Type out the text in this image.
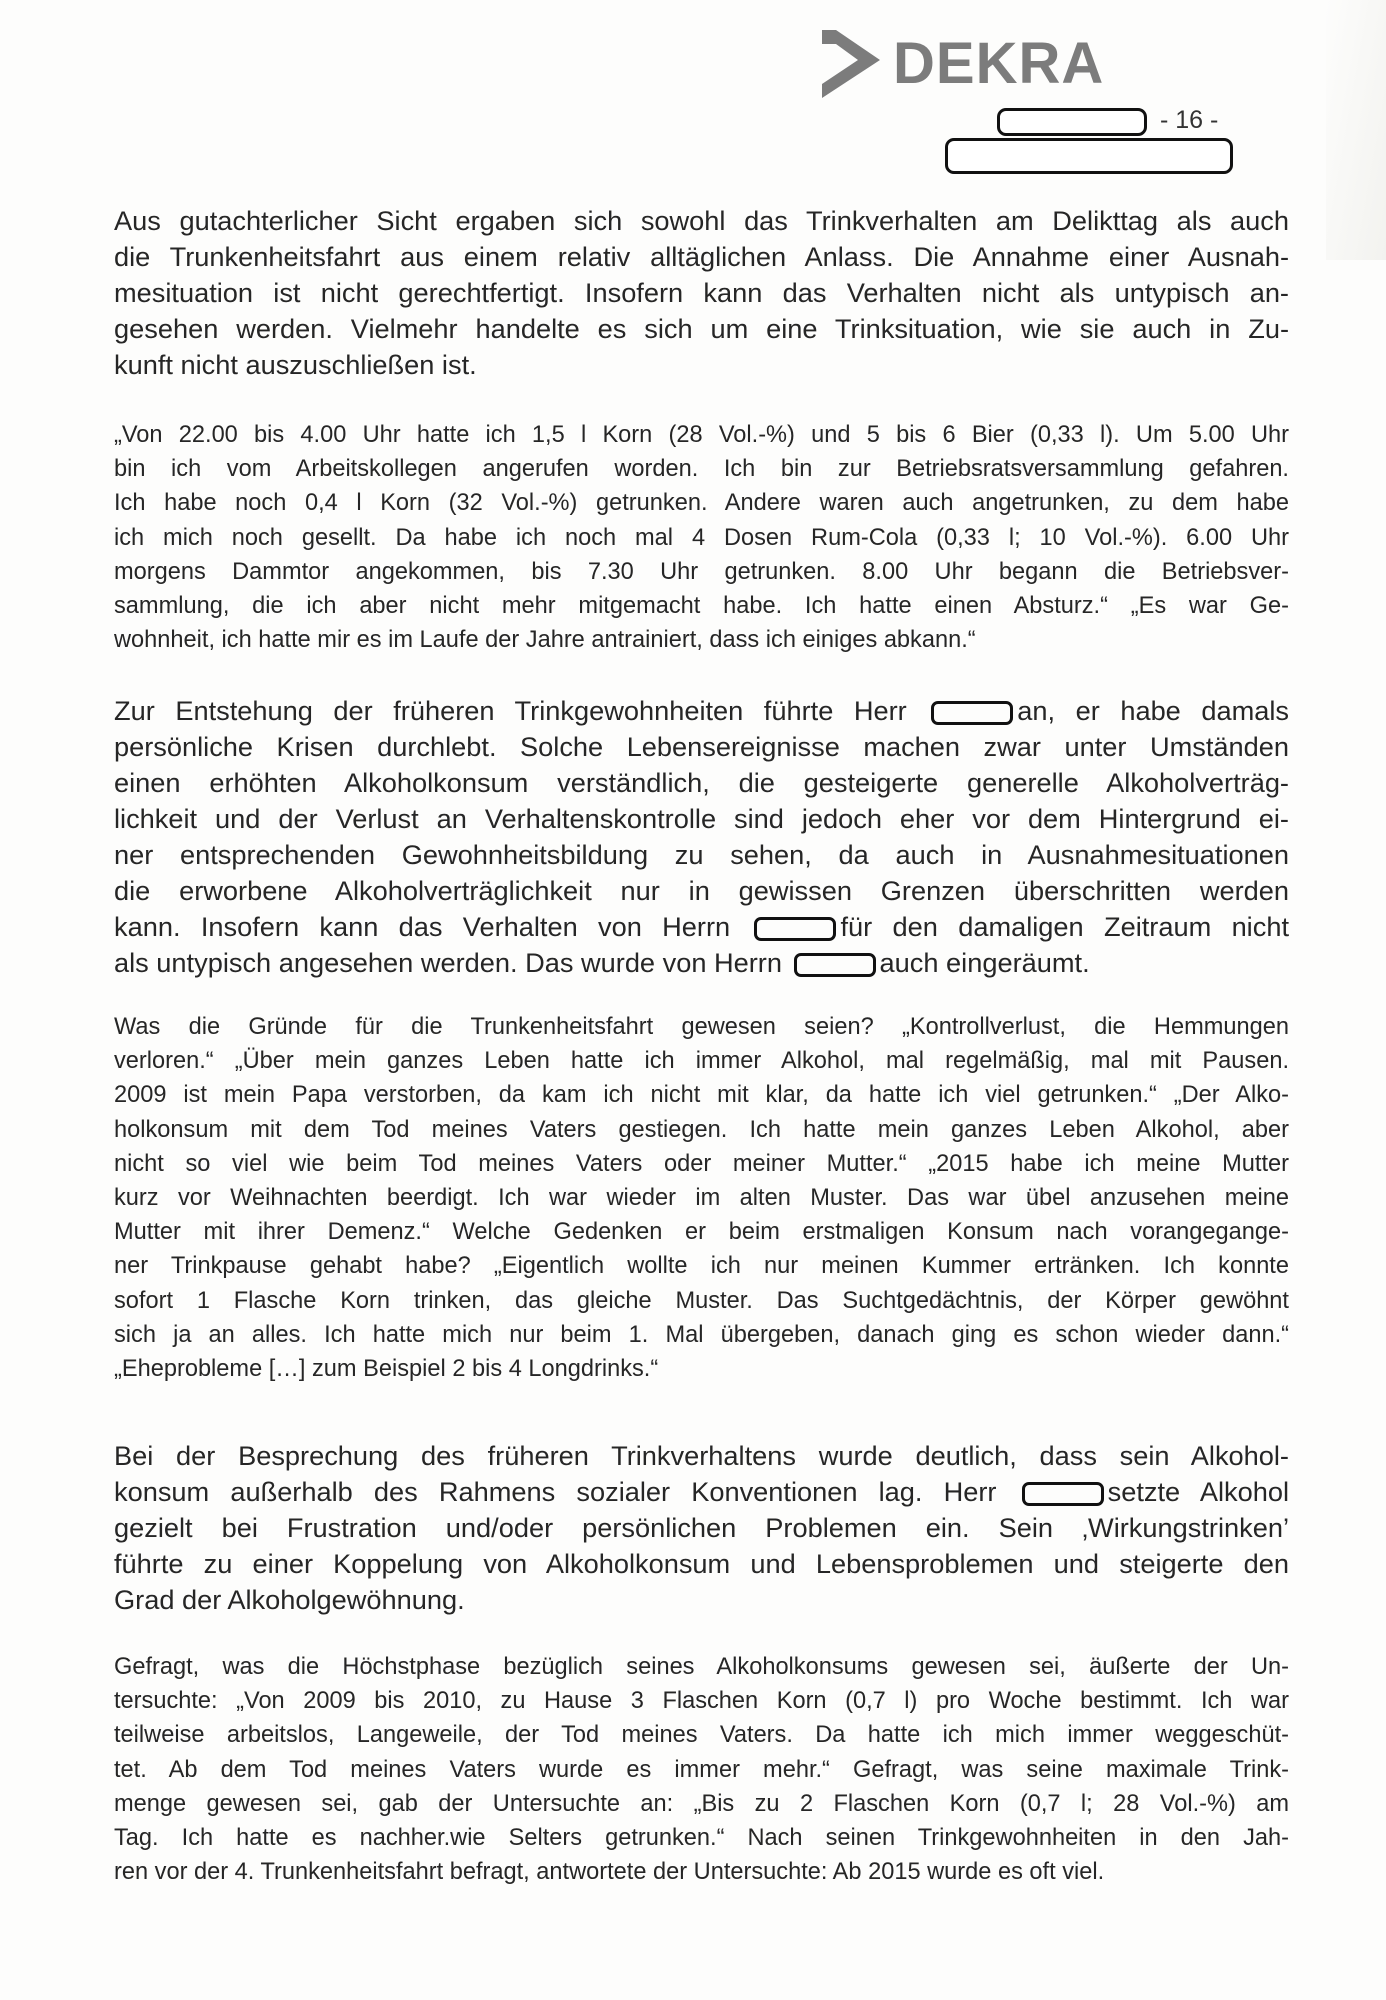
DEKRA
- 16 -
Aus gutachterlicher Sicht ergaben sich sowohl das Trinkverhalten am Delikttag als auch
die Trunkenheitsfahrt aus einem relativ alltäglichen Anlass. Die Annahme einer Ausnah-
mesituation ist nicht gerechtfertigt. Insofern kann das Verhalten nicht als untypisch an-
gesehen werden. Vielmehr handelte es sich um eine Trinksituation, wie sie auch in Zu-
kunft nicht auszuschließen ist.
„Von 22.00 bis 4.00 Uhr hatte ich 1,5 l Korn (28 Vol.-%) und 5 bis 6 Bier (0,33 l). Um 5.00 Uhr
bin ich vom Arbeitskollegen angerufen worden. Ich bin zur Betriebsratsversammlung gefahren.
Ich habe noch 0,4 l Korn (32 Vol.-%) getrunken. Andere waren auch angetrunken, zu dem habe
ich mich noch gesellt. Da habe ich noch mal 4 Dosen Rum-Cola (0,33 l; 10 Vol.-%). 6.00 Uhr
morgens Dammtor angekommen, bis 7.30 Uhr getrunken. 8.00 Uhr begann die Betriebsver-
sammlung, die ich aber nicht mehr mitgemacht habe. Ich hatte einen Absturz.“ „Es war Ge-
wohnheit, ich hatte mir es im Laufe der Jahre antrainiert, dass ich einiges abkann.“
Zur Entstehung der früheren Trinkgewohnheiten führte Herr	an, er habe damals
persönliche Krisen durchlebt. Solche Lebensereignisse machen zwar unter Umständen
einen erhöhten Alkoholkonsum verständlich, die gesteigerte generelle Alkoholverträg-
lichkeit und der Verlust an Verhaltenskontrolle sind jedoch eher vor dem Hintergrund ei-
ner entsprechenden Gewohnheitsbildung zu sehen, da auch in Ausnahmesituationen
die erworbene Alkoholverträglichkeit nur in gewissen Grenzen überschritten werden
kann. Insofern kann das Verhalten von Herrn	für den damaligen Zeitraum nicht
als untypisch angesehen werden. Das wurde von Herrn	auch eingeräumt.
Was die Gründe für die Trunkenheitsfahrt gewesen seien? „Kontrollverlust, die Hemmungen
verloren.“ „Über mein ganzes Leben hatte ich immer Alkohol, mal regelmäßig, mal mit Pausen.
2009 ist mein Papa verstorben, da kam ich nicht mit klar, da hatte ich viel getrunken.“ „Der Alko-
holkonsum mit dem Tod meines Vaters gestiegen. Ich hatte mein ganzes Leben Alkohol, aber
nicht so viel wie beim Tod meines Vaters oder meiner Mutter.“ „2015 habe ich meine Mutter
kurz vor Weihnachten beerdigt. Ich war wieder im alten Muster. Das war übel anzusehen meine
Mutter mit ihrer Demenz.“ Welche Gedenken er beim erstmaligen Konsum nach vorangegange-
ner Trinkpause gehabt habe? „Eigentlich wollte ich nur meinen Kummer ertränken. Ich konnte
sofort 1 Flasche Korn trinken, das gleiche Muster. Das Suchtgedächtnis, der Körper gewöhnt
sich ja an alles. Ich hatte mich nur beim 1. Mal übergeben, danach ging es schon wieder dann.“
„Eheprobleme […] zum Beispiel 2 bis 4 Longdrinks.“
Bei der Besprechung des früheren Trinkverhaltens wurde deutlich, dass sein Alkohol-
konsum außerhalb des Rahmens sozialer Konventionen lag. Herr	setzte Alkohol
gezielt bei Frustration und/oder persönlichen Problemen ein. Sein ‚Wirkungstrinken’
führte zu einer Koppelung von Alkoholkonsum und Lebensproblemen und steigerte den
Grad der Alkoholgewöhnung.
Gefragt, was die Höchstphase bezüglich seines Alkoholkonsums gewesen sei, äußerte der Un-
tersuchte: „Von 2009 bis 2010, zu Hause 3 Flaschen Korn (0,7 l) pro Woche bestimmt. Ich war
teilweise arbeitslos, Langeweile, der Tod meines Vaters. Da hatte ich mich immer weggeschüt-
tet. Ab dem Tod meines Vaters wurde es immer mehr.“ Gefragt, was seine maximale Trink-
menge gewesen sei, gab der Untersuchte an: „Bis zu 2 Flaschen Korn (0,7 l; 28 Vol.-%) am
Tag. Ich hatte es nachher.wie Selters getrunken.“ Nach seinen Trinkgewohnheiten in den Jah-
ren vor der 4. Trunkenheitsfahrt befragt, antwortete der Untersuchte: Ab 2015 wurde es oft viel.
